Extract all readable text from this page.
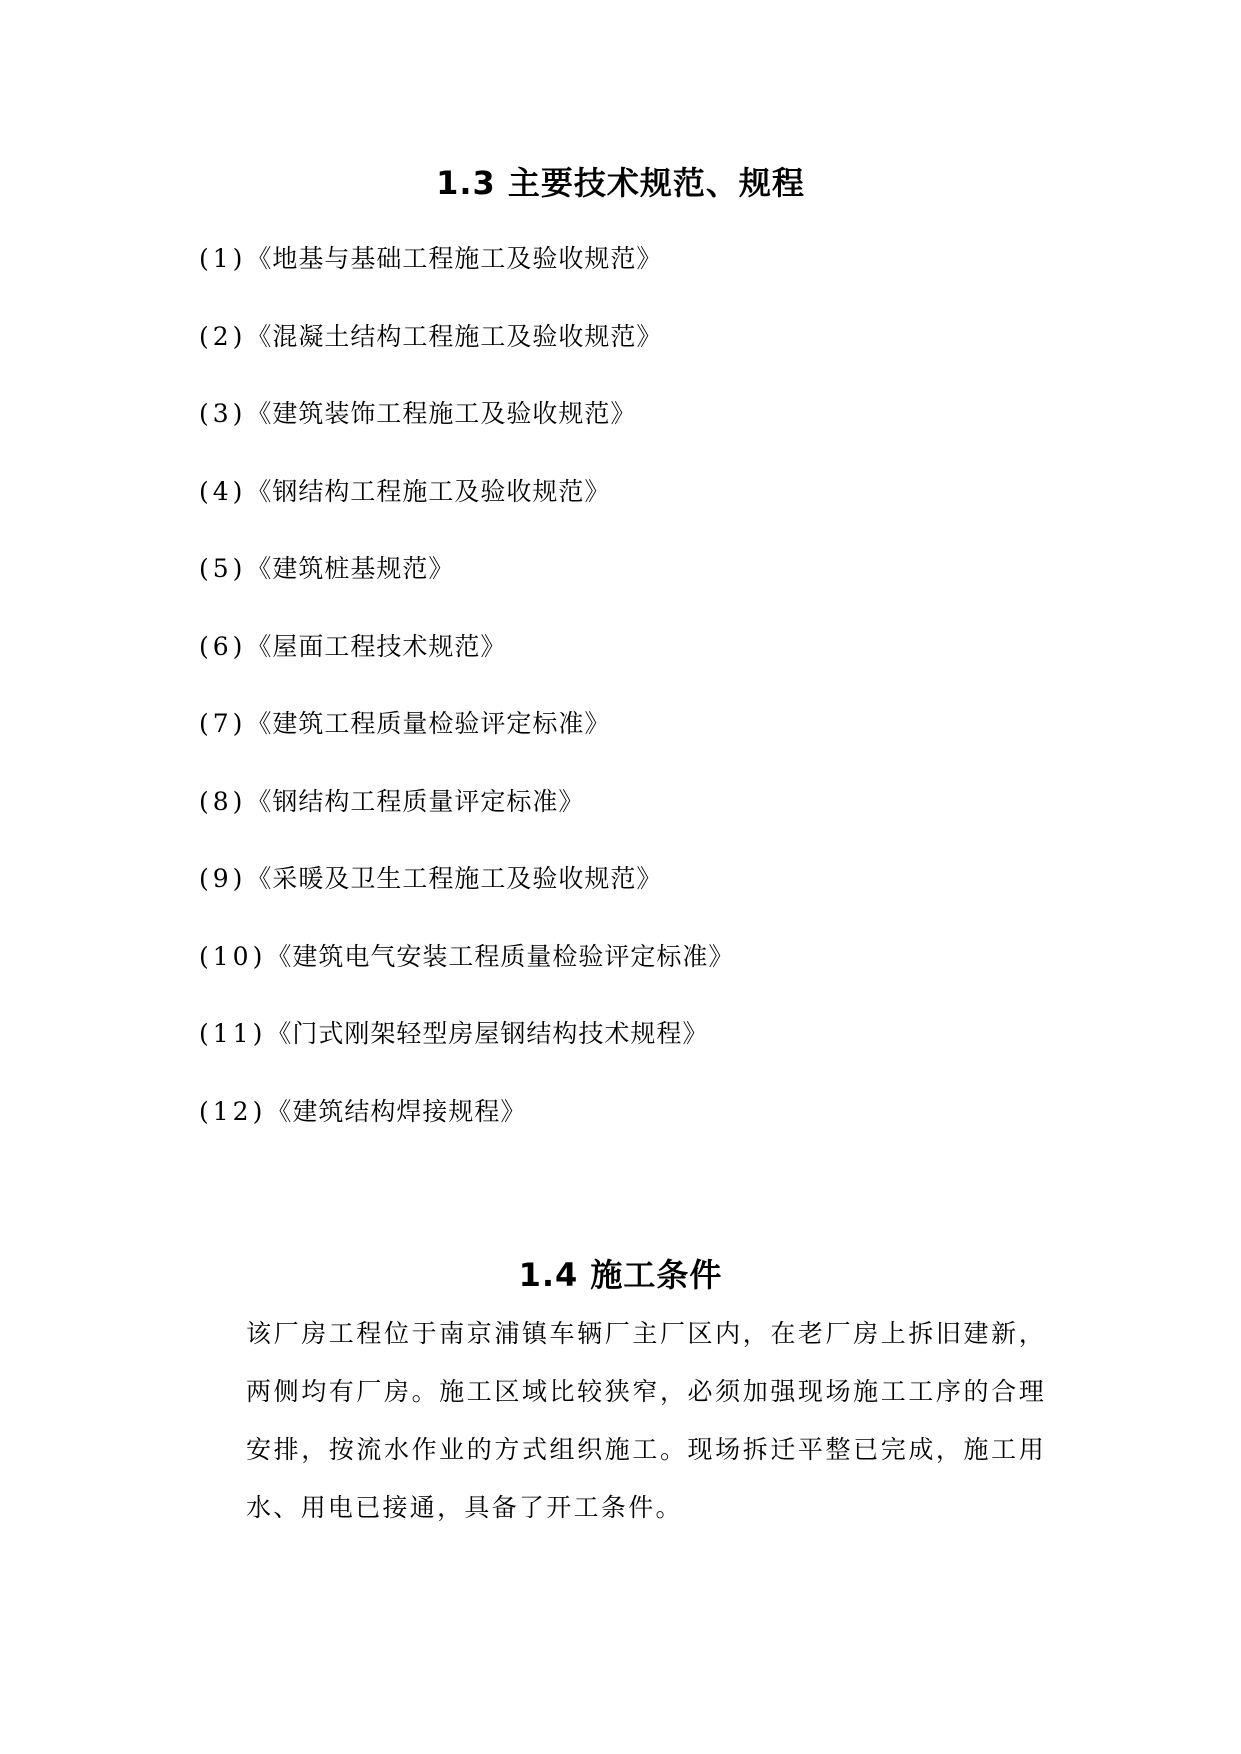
1.3 主要技术规范、规程
(1)《地基与基础工程施工及验收规范》
(2)《混凝土结构工程施工及验收规范》
(3)《建筑装饰工程施工及验收规范》
(4)《钢结构工程施工及验收规范》
(5)《建筑桩基规范》
(6)《屋面工程技术规范》
(7)《建筑工程质量检验评定标准》
(8)《钢结构工程质量评定标准》
(9)《采暖及卫生工程施工及验收规范》
(10)《建筑电气安装工程质量检验评定标准》
(11)《门式刚架轻型房屋钢结构技术规程》
(12)《建筑结构焊接规程》
1.4 施工条件

该厂房工程位于南京浦镇车辆厂主厂区内，在老厂房上拆旧建新，两侧均有厂房。施工区域比较狭窄，必须加强现场施工工序的合理安排，按流水作业的方式组织施工。现场拆迁平整已完成，施工用水、用电已接通，具备了开工条件。
